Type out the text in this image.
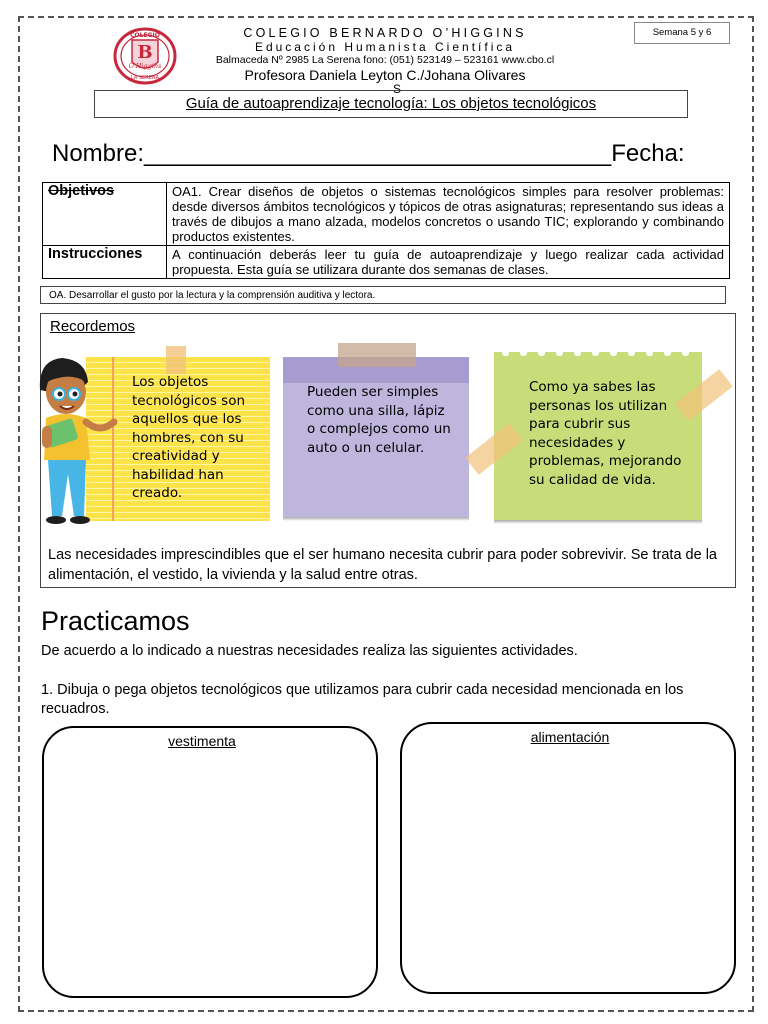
COLEGIO
B
O'Higgins
LA SERENA
COLEGIO BERNARDO O’HIGGINS
Educación Humanista Científica
Balmaceda Nº 2985 La Serena fono: (051) 523149 – 523161 www.cbo.cl
Profesora Daniela Leyton C./Johana Olivares
S
Semana 5 y 6
Guía de autoaprendizaje tecnología: Los objetos tecnológicos
Nombre:___________________________________Fecha:
Objetivos	OA1. Crear diseños de objetos o sistemas tecnológicos simples para resolver problemas: desde diversos ámbitos tecnológicos y tópicos de otras asignaturas; representando sus ideas a través de dibujos a mano alzada, modelos concretos o usando TIC; explorando y combinando productos existentes.
Instrucciones	A continuación deberás leer tu guía de autoaprendizaje y luego realizar cada actividad propuesta. Esta guía se utilizara durante dos semanas de clases.
OA. Desarrollar el gusto por la lectura y la comprensión auditiva y lectora.
Recordemos
Los objetos tecnológicos son aquellos que los hombres, con su creatividad y habilidad han creado.
Pueden ser simples como una silla, lápiz o complejos como un auto o un celular.
Como ya sabes las personas los utilizan para cubrir sus necesidades y problemas, mejorando su calidad de vida.
Las necesidades imprescindibles que el ser humano necesita cubrir para poder sobrevivir. Se trata de la alimentación, el vestido, la vivienda y la salud entre otras.
Practicamos
De acuerdo a lo indicado a nuestras necesidades realiza las siguientes actividades.
1. Dibuja o pega objetos tecnológicos que utilizamos para cubrir cada necesidad mencionada en los recuadros.
vestimenta	alimentación
